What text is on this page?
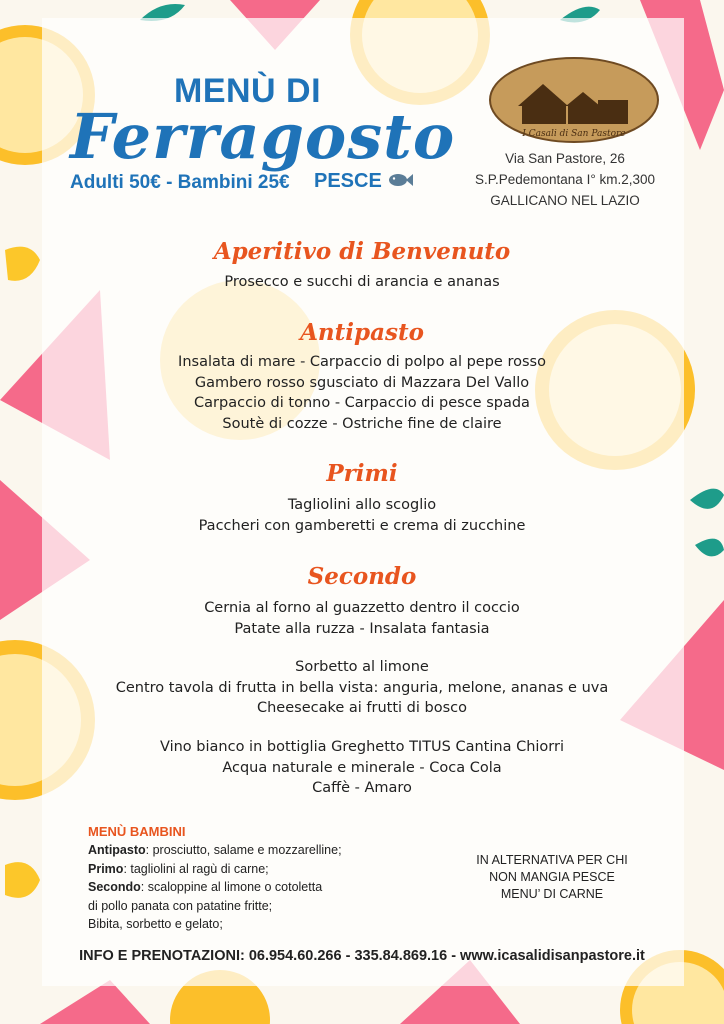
MENÙ DI
Ferragosto
Adulti 50€ - Bambini 25€ PESCE
I Casali di San Pastore
Via San Pastore, 26
S.P.Pedemontana I° km.2,300
GALLICANO NEL LAZIO
Aperitivo di Benvenuto
Prosecco e succhi di arancia e ananas
Antipasto
Insalata di mare - Carpaccio di polpo al pepe rosso
Gambero rosso sgusciato di Mazzara Del Vallo
Carpaccio di tonno - Carpaccio di pesce spada
Soutè di cozze - Ostriche fine de claire
Primi
Tagliolini allo scoglio
Paccheri con gamberetti e crema di zucchine
Secondo
Cernia al forno al guazzetto dentro il coccio
Patate alla ruzza - Insalata fantasia
Sorbetto al limone
Centro tavola di frutta in bella vista: anguria, melone, ananas e uva
Cheesecake ai frutti di bosco
Vino bianco in bottiglia Greghetto TITUS Cantina Chiorri
Acqua naturale e minerale - Coca Cola
Caffè - Amaro
MENÙ BAMBINI
Antipasto: prosciutto, salame e mozzarelline;
Primo: tagliolini al ragù di carne;
Secondo: scaloppine al limone o cotoletta
di pollo panata con patatine fritte;
Bibita, sorbetto e gelato;
IN ALTERNATIVA PER CHI
NON MANGIA PESCE
MENU’ DI CARNE
INFO E PRENOTAZIONI: 06.954.60.266 - 335.84.869.16 - www.icasalidisanpastore.it
